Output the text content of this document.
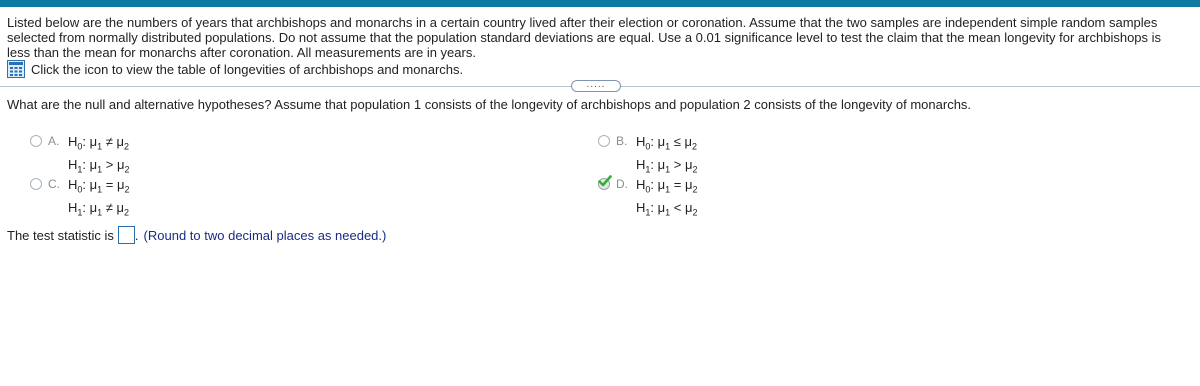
Listed below are the numbers of years that archbishops and monarchs in a certain country lived after their election or coronation. Assume that the two samples are independent simple random samples selected from normally distributed populations. Do not assume that the population standard deviations are equal. Use a 0.01 significance level to test the claim that the mean longevity for archbishops is less than the mean for monarchs after coronation. All measurements are in years.
Click the icon to view the table of longevities of archbishops and monarchs.
.....
What are the null and alternative hypotheses? Assume that population 1 consists of the longevity of archbishops and population 2 consists of the longevity of monarchs.
A. $H_0$: $\mu_1 \ne \mu_2$
$H_1$: $\mu_1 > \mu_2$
B. $H_0$: $\mu_1 \le \mu_2$
$H_1$: $\mu_1 > \mu_2$
C. $H_0$: $\mu_1 = \mu_2$
$H_1$: $\mu_1 \ne \mu_2$
D. $H_0$: $\mu_1 = \mu_2$
$H_1$: $\mu_1 < \mu_2$
The test statistic is . (Round to two decimal places as needed.)
